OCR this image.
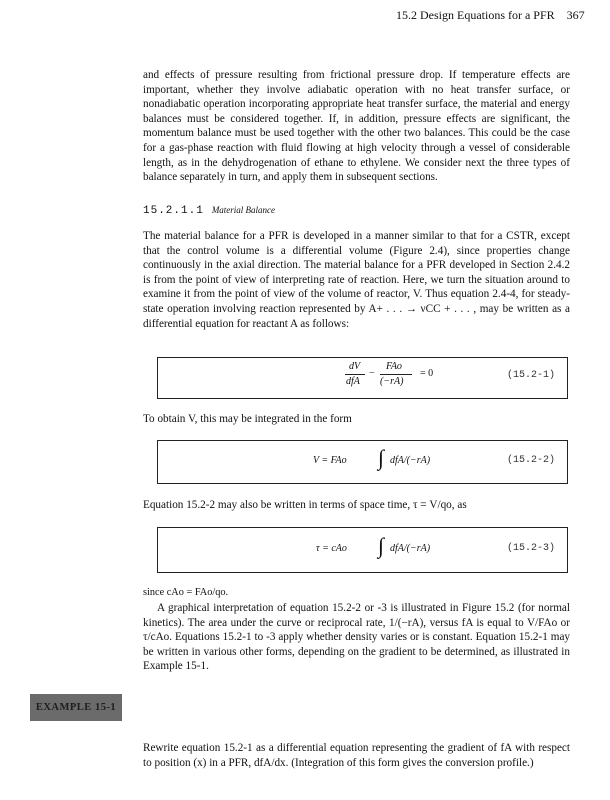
15.2 Design Equations for a PFR 367

and effects of pressure resulting from frictional pressure drop. If temperature effects are important, whether they involve adiabatic operation with no heat transfer surface, or nonadiabatic operation incorporating appropriate heat transfer surface, the material and energy balances must be considered together. If, in addition, pressure effects are significant, the momentum balance must be used together with the other two balances. This could be the case for a gas-phase reaction with fluid flowing at high velocity through a vessel of considerable length, as in the dehydrogenation of ethane to ethylene. We consider next the three types of balance separately in turn, and apply them in subsequent sections.

15.2.1.1 Material Balance

The material balance for a PFR is developed in a manner similar to that for a CSTR, except that the control volume is a differential volume (Figure 2.4), since properties change continuously in the axial direction. The material balance for a PFR developed in Section 2.4.2 is from the point of view of interpreting rate of reaction. Here, we turn the situation around to examine it from the point of view of the volume of reactor, V. Thus equation 2.4-4, for steady-state operation involving reaction represented by A+ . . . → νCC + . . . , may be written as a differential equation for reactant A as follows:

dV
dfA
−
FAo
(−rA)
= 0	(15.2-1)

To obtain V, this may be integrated in the form

V = FAo ∫ dfA/(−rA)	(15.2-2)

Equation 15.2-2 may also be written in terms of space time, τ = V/qo, as

τ = cAo ∫ dfA/(−rA)	(15.2-3)

since cAo = FAo/qo.

A graphical interpretation of equation 15.2-2 or -3 is illustrated in Figure 15.2 (for normal kinetics). The area under the curve or reciprocal rate, 1/(−rA), versus fA is equal to V/FAo or τ/cAo. Equations 15.2-1 to -3 apply whether density varies or is constant. Equation 15.2-1 may be written in various other forms, depending on the gradient to be determined, as illustrated in Example 15-1.

EXAMPLE 15-1

Rewrite equation 15.2-1 as a differential equation representing the gradient of fA with respect to position (x) in a PFR, dfA/dx. (Integration of this form gives the conversion profile.)
